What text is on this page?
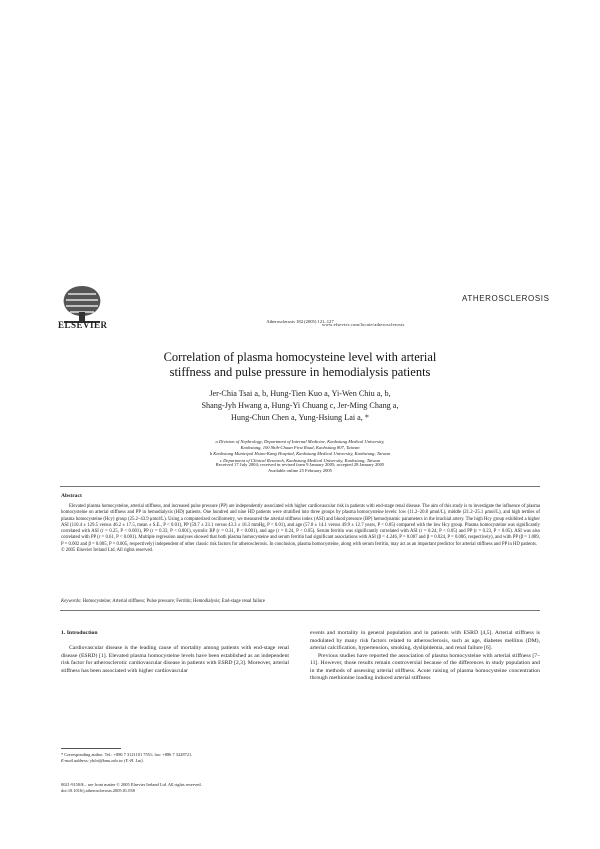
ELSEVIER	Atherosclerosis 182 (2005) 121–127
ATHEROSCLEROSIS
www.elsevier.com/locate/atherosclerosis
Correlation of plasma homocysteine level with arterial
stiffness and pulse pressure in hemodialysis patients
Jer-Chia Tsai a, b, Hung-Tien Kuo a, Yi-Wen Chiu a, b,
Shang-Jyh Hwang a, Hung-Yi Chuang c, Jer-Ming Chang a,
Hung-Chun Chen a, Yung-Hsiung Lai a, *
a Division of Nephrology, Department of Internal Medicine, Kaohsiung Medical University,
Kaohsiung, 100 Shih-Chuan First Road, Kaohsiung 807, Taiwan
b Kaohsiung Municipal Hsiao-Kang Hospital, Kaohsiung Medical University, Kaohsiung, Taiwan
c Department of Clinical Research, Kaohsiung Medical University, Kaohsiung, Taiwan
Received 17 July 2004; received in revised form 9 January 2005; accepted 28 January 2005
Available online 25 February 2005
Abstract

Elevated plasma homocysteine, arterial stiffness, and increased pulse pressure (PP) are independently associated with higher cardiovascular risk in patients with end-stage renal disease. The aim of this study is to investigate the influence of plasma homocysteine on arterial stiffness and PP in hemodialysis (HD) patients. One hundred and nine HD patients were stratified into three groups by plasma homocysteine levels: low (11.2–20.8 μmol/L), middle (21.2–25.1 μmol/L), and high tertiles of plasma homocysteine (Hcy) group (25.2–43.9 μmol/L). Using a computerized oscillometry, we measured the arterial stiffness index (ASI) and blood pressure (BP) hemodynamic parameters in the brachial artery. The high Hcy group exhibited a higher ASI (110.4 ± 129.5 versus 46.2 ± 17.5, mean ± S.E., P < 0.01), PP (59.7 ± 23.1 versus 43.3 ± 16.3 mmHg, P < 0.01), and age (57.8 ± 14.1 versus 49.9 ± 12.7 years, P < 0.05) compared with the low Hcy group. Plasma homocysteine was significantly correlated with ASI (r = 0.25, P < 0.001), PP (r = 0.33, P < 0.001), systolic BP (r = 0.31, P < 0.001), and age (r = 0.24, P < 0.05). Serum ferritin was significantly correlated with ASI (r = 0.24, P < 0.05) and PP (r = 0.23, P < 0.05). ASI was also correlated with PP (r = 0.61, P < 0.001). Multiple regression analyses showed that both plasma homocysteine and serum ferritin had significant associations with ASI (β = 4.246, P = 0.007 and β = 0.024, P = 0.006, respectively), and with PP (β = 1.089, P = 0.002 and β = 0.005, P = 0.005, respectively) independent of other classic risk factors for atherosclerosis. In conclusion, plasma homocysteine, along with serum ferritin, may act as an important predictor for arterial stiffness and PP in HD patients.

© 2005 Elsevier Ireland Ltd. All rights reserved.
Keywords: Homocysteine; Arterial stiffness; Pulse pressure; Ferritin; Hemodialysis; End-stage renal failure
1. Introduction

Cardiovascular disease is the leading cause of mortality among patients with end-stage renal disease (ESRD) [1]. Elevated plasma homocysteine levels have been established as an independent risk factor for atherosclerotic cardiovascular disease in patients with ESRD [2,3]. Moreover, arterial stiffness has been associated with higher cardiovascular

events and mortality in general population and in patients with ESRD [4,5]. Arterial stiffness is modulated by many risk factors related to atherosclerosis, such as age, diabetes mellitus (DM), arterial calcification, hypertension, smoking, dyslipidemia, and renal failure [6].

Previous studies have reported the association of plasma homocysteine with arterial stiffness [7–11]. However, those results remain controversial because of the differences in study population and in the methods of assessing arterial stiffness. Acute raising of plasma homocysteine concentration through methionine loading induced arterial stiffness

* Corresponding author. Tel.: +886 7 3121101 7551; fax: +886 7 3228721.
E-mail address: yhlai@kmu.edu.tw (Y.-H. Lai).
0021-9150/$ – see front matter © 2005 Elsevier Ireland Ltd. All rights reserved.
doi:10.1016/j.atherosclerosis.2005.01.038
